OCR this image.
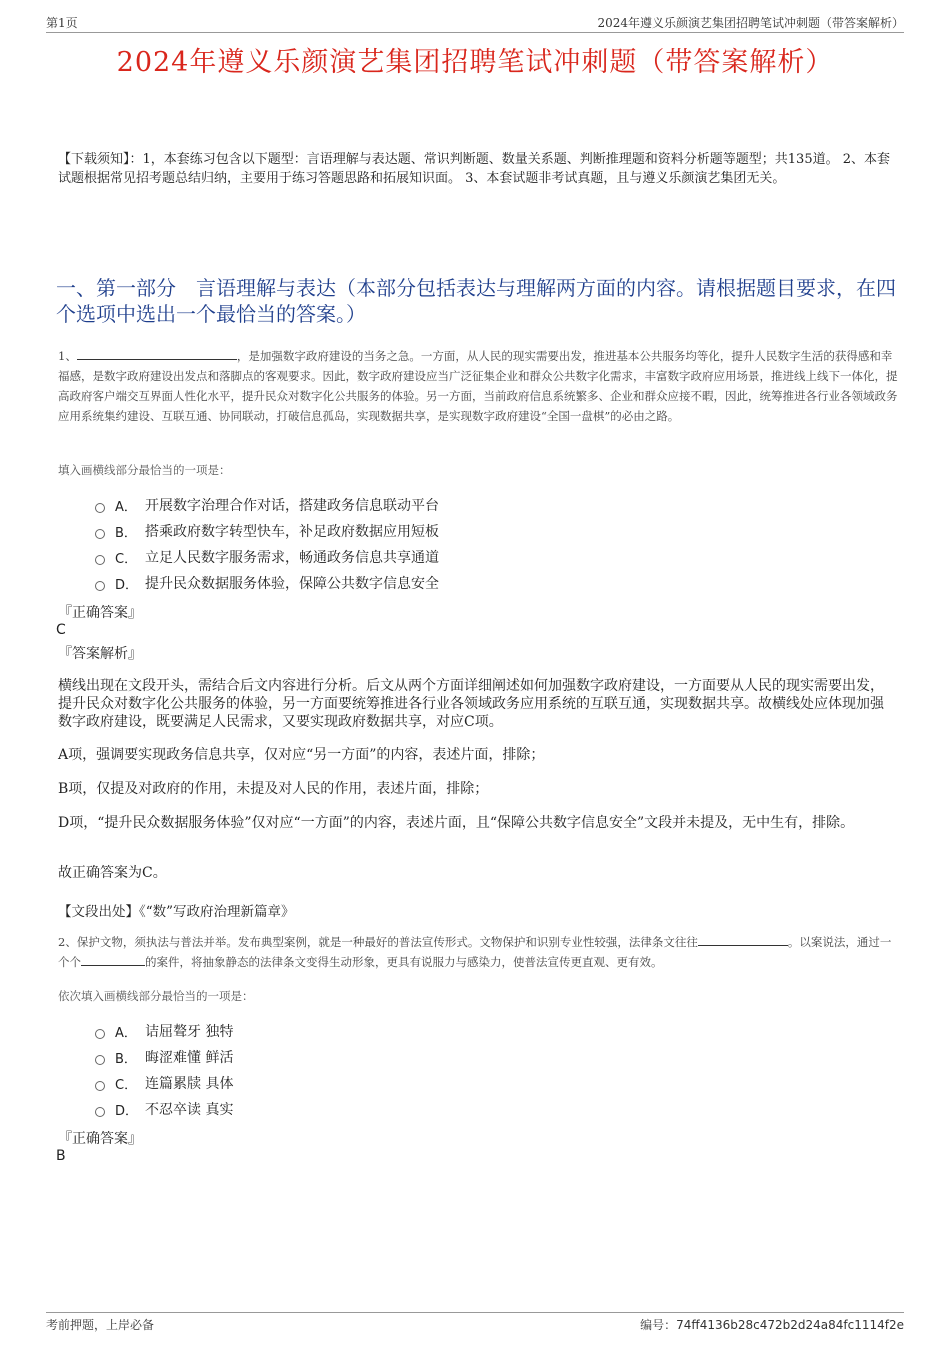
第1页	2024年遵义乐颜演艺集团招聘笔试冲刺题（带答案解析）
2024年遵义乐颜演艺集团招聘笔试冲刺题（带答案解析）
【下载须知】：1，本套练习包含以下题型：言语理解与表达题、常识判断题、数量关系题、判断推理题和资料分析题等题型；共135道。 2、本套试题根据常见招考题总结归纳，主要用于练习答题思路和拓展知识面。 3、本套试题非考试真题，且与遵义乐颜演艺集团无关。
一、第一部分　言语理解与表达（本部分包括表达与理解两方面的内容。请根据题目要求，在四个选项中选出一个最恰当的答案。）
1、	，是加强数字政府建设的当务之急。一方面，从人民的现实需要出发，推进基本公共服务均等化，提升人民数字生活的获得感和幸福感，是数字政府建设出发点和落脚点的客观要求。因此，数字政府建设应当广泛征集企业和群众公共数字化需求，丰富数字政府应用场景，推进线上线下一体化，提高政府客户端交互界面人性化水平，提升民众对数字化公共服务的体验。另一方面，当前政府信息系统繁多、企业和群众应接不暇，因此，统筹推进各行业各领域政务应用系统集约建设、互联互通、协同联动，打破信息孤岛，实现数据共享，是实现数字政府建设“全国一盘棋”的必由之路。
填入画横线部分最恰当的一项是：
A． 开展数字治理合作对话，搭建政务信息联动平台
B． 搭乘政府数字转型快车，补足政府数据应用短板
C． 立足人民数字服务需求，畅通政务信息共享通道
D． 提升民众数据服务体验，保障公共数字信息安全
『正确答案』
C
『答案解析』
横线出现在文段开头，需结合后文内容进行分析。后文从两个方面详细阐述如何加强数字政府建设，一方面要从人民的现实需要出发，提升民众对数字化公共服务的体验，另一方面要统筹推进各行业各领域政务应用系统的互联互通，实现数据共享。故横线处应体现加强数字政府建设，既要满足人民需求，又要实现政府数据共享，对应C项。
A项，强调要实现政务信息共享，仅对应“另一方面”的内容，表述片面，排除；
B项，仅提及对政府的作用，未提及对人民的作用，表述片面，排除；
D项，“提升民众数据服务体验”仅对应“一方面”的内容，表述片面，且“保障公共数字信息安全”文段并未提及，无中生有，排除。
故正确答案为C。
【文段出处】《“数”写政府治理新篇章》
2、保护文物，须执法与普法并举。发布典型案例，就是一种最好的普法宣传形式。文物保护和识别专业性较强，法律条文往往	。以案说法，通过一个个	的案件，将抽象静态的法律条文变得生动形象，更具有说服力与感染力，使普法宣传更直观、更有效。
依次填入画横线部分最恰当的一项是：
A． 诘屈聱牙 独特
B． 晦涩难懂 鲜活
C． 连篇累牍 具体
D． 不忍卒读 真实
『正确答案』
B
考前押题，上岸必备	编号：74ff4136b28c472b2d24a84fc1114f2e
